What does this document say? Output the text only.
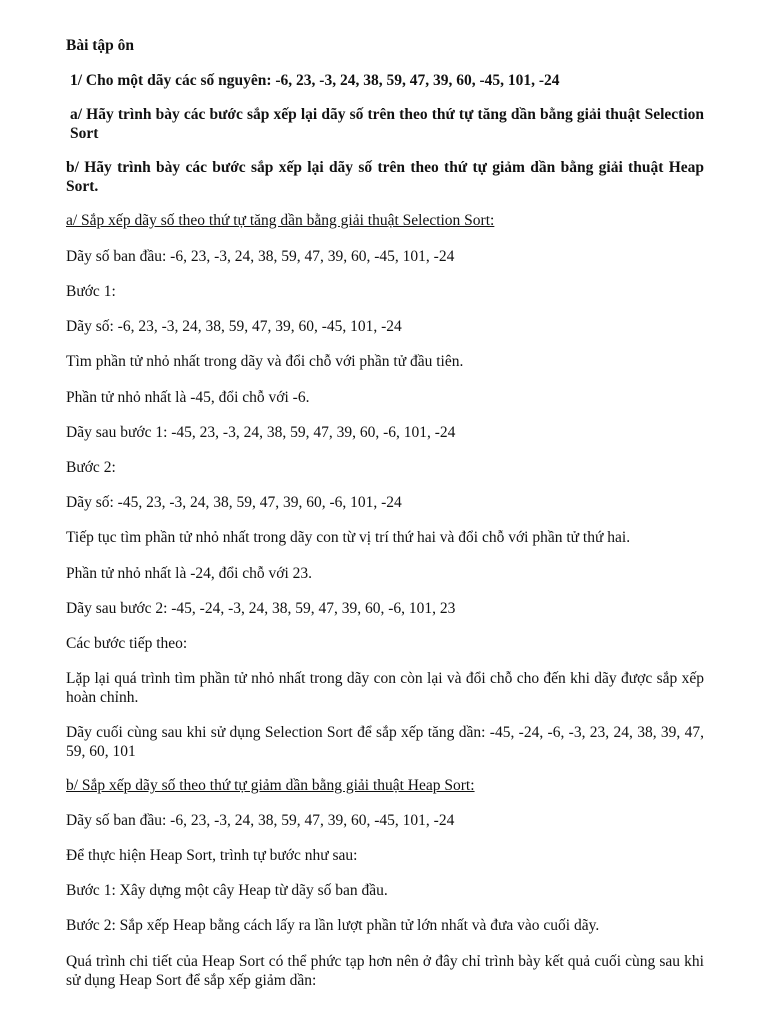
Bài tập ôn

1/ Cho một dãy các số nguyên: -6, 23, -3, 24, 38, 59, 47, 39, 60, -45, 101, -24

a/ Hãy trình bày các bước sắp xếp lại dãy số trên theo thứ tự tăng dần bằng giải thuật Selection Sort

b/ Hãy trình bày các bước sắp xếp lại dãy số trên theo thứ tự giảm dần bằng giải thuật Heap Sort.

a/ Sắp xếp dãy số theo thứ tự tăng dần bằng giải thuật Selection Sort:

Dãy số ban đầu: -6, 23, -3, 24, 38, 59, 47, 39, 60, -45, 101, -24

Bước 1:

Dãy số: -6, 23, -3, 24, 38, 59, 47, 39, 60, -45, 101, -24

Tìm phần tử nhỏ nhất trong dãy và đổi chỗ với phần tử đầu tiên.

Phần tử nhỏ nhất là -45, đổi chỗ với -6.

Dãy sau bước 1: -45, 23, -3, 24, 38, 59, 47, 39, 60, -6, 101, -24

Bước 2:

Dãy số: -45, 23, -3, 24, 38, 59, 47, 39, 60, -6, 101, -24

Tiếp tục tìm phần tử nhỏ nhất trong dãy con từ vị trí thứ hai và đổi chỗ với phần tử thứ hai.

Phần tử nhỏ nhất là -24, đổi chỗ với 23.

Dãy sau bước 2: -45, -24, -3, 24, 38, 59, 47, 39, 60, -6, 101, 23

Các bước tiếp theo:

Lặp lại quá trình tìm phần tử nhỏ nhất trong dãy con còn lại và đổi chỗ cho đến khi dãy được sắp xếp hoàn chỉnh.

Dãy cuối cùng sau khi sử dụng Selection Sort để sắp xếp tăng dần: -45, -24, -6, -3, 23, 24, 38, 39, 47, 59, 60, 101

b/ Sắp xếp dãy số theo thứ tự giảm dần bằng giải thuật Heap Sort:

Dãy số ban đầu: -6, 23, -3, 24, 38, 59, 47, 39, 60, -45, 101, -24

Để thực hiện Heap Sort, trình tự bước như sau:

Bước 1: Xây dựng một cây Heap từ dãy số ban đầu.

Bước 2: Sắp xếp Heap bằng cách lấy ra lần lượt phần tử lớn nhất và đưa vào cuối dãy.

Quá trình chi tiết của Heap Sort có thể phức tạp hơn nên ở đây chỉ trình bày kết quả cuối cùng sau khi sử dụng Heap Sort để sắp xếp giảm dần:
